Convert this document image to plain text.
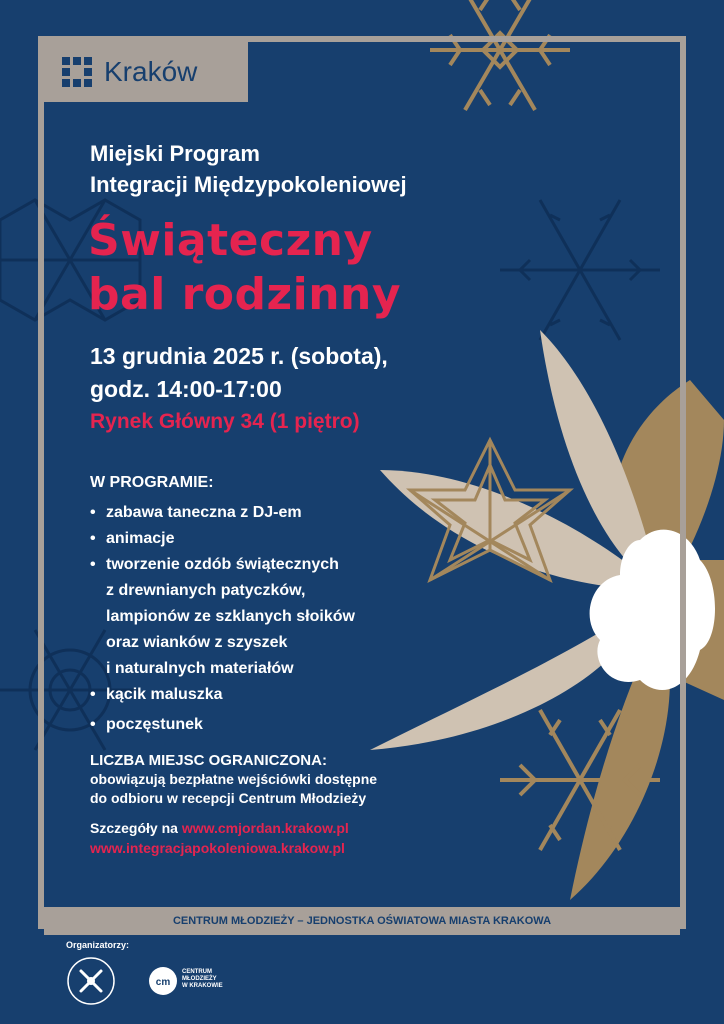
Kraków
Miejski Program
Integracji Międzypokoleniowej
Świąteczny
bal rodzinny
13 grudnia 2025 r. (sobota),
godz. 14:00-17:00
Rynek Główny 34 (1 piętro)
W PROGRAMIE:
• zabawa taneczna z DJ-em
• animacje
• tworzenie ozdób świątecznych
z drewnianych patyczków,
lampionów ze szklanych słoików
oraz wianków z szyszek
i naturalnych materiałów
• kącik maluszka
• poczęstunek
LICZBA MIEJSC OGRANICZONA:
obowiązują bezpłatne wejściówki dostępne
do odbioru w recepcji Centrum Młodzieży
Szczegóły na www.cmjordan.krakow.pl
www.integracjapokoleniowa.krakow.pl
CENTRUM MŁODZIEŻY – JEDNOSTKA OŚWIATOWA MIASTA KRAKOWA
Organizatorzy:
cm
CENTRUM
MŁODZIEŻY
W KRAKOWIE
